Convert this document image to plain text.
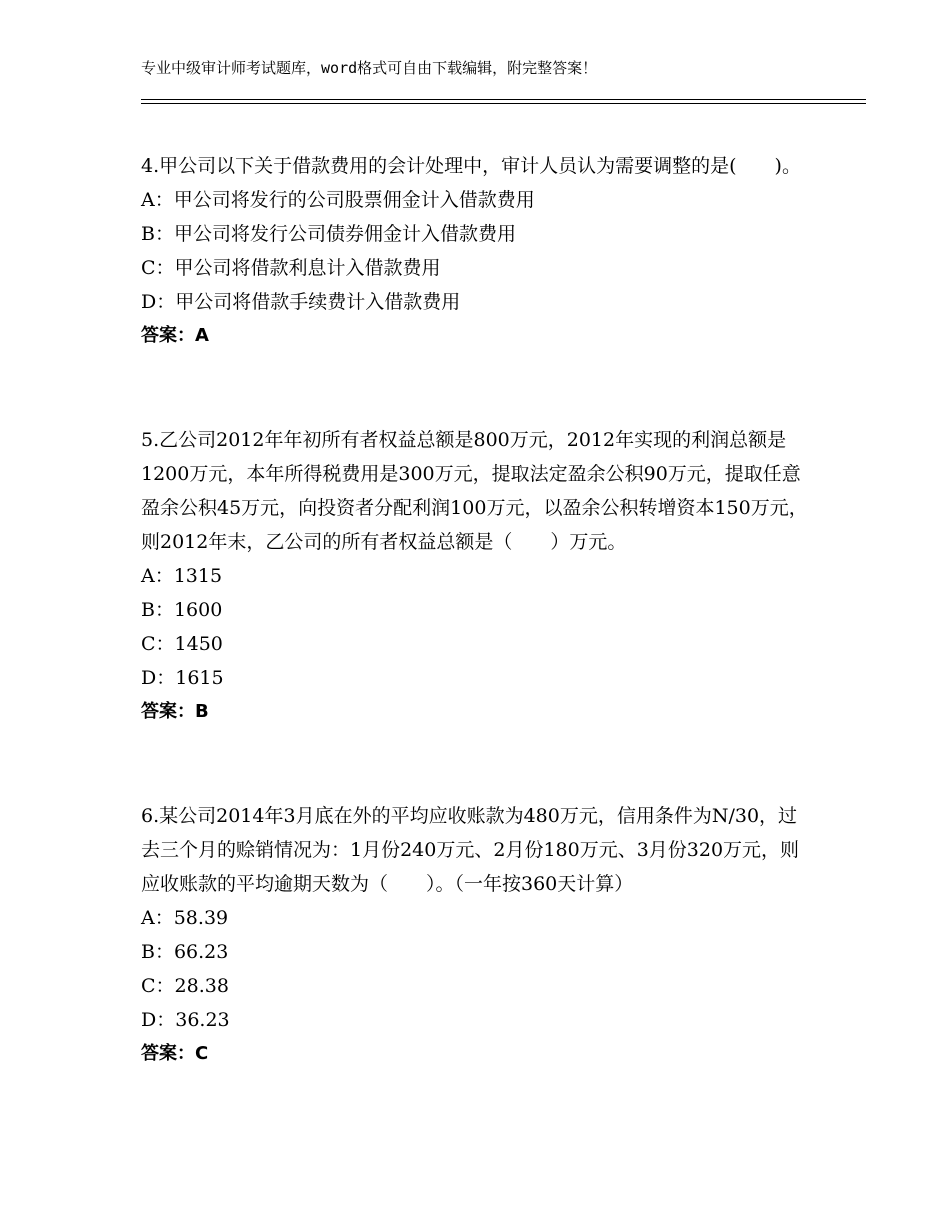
专业中级审计师考试题库，word格式可自由下载编辑，附完整答案！

4.甲公司以下关于借款费用的会计处理中，审计人员认为需要调整的是(　　)。

A：甲公司将发行的公司股票佣金计入借款费用

B：甲公司将发行公司债券佣金计入借款费用

C：甲公司将借款利息计入借款费用

D：甲公司将借款手续费计入借款费用

答案：A

5.乙公司2012年年初所有者权益总额是800万元，2012年实现的利润总额是1200万元，本年所得税费用是300万元，提取法定盈余公积90万元，提取任意盈余公积45万元，向投资者分配利润100万元，以盈余公积转增资本150万元，则2012年末，乙公司的所有者权益总额是（　　）万元。

A：1315

B：1600

C：1450

D：1615

答案：B

6.某公司2014年3月底在外的平均应收账款为480万元，信用条件为N/30，过去三个月的赊销情况为：1月份240万元、2月份180万元、3月份320万元，则应收账款的平均逾期天数为（　　）。（一年按360天计算）

A：58.39

B：66.23

C：28.38

D：36.23

答案：C
